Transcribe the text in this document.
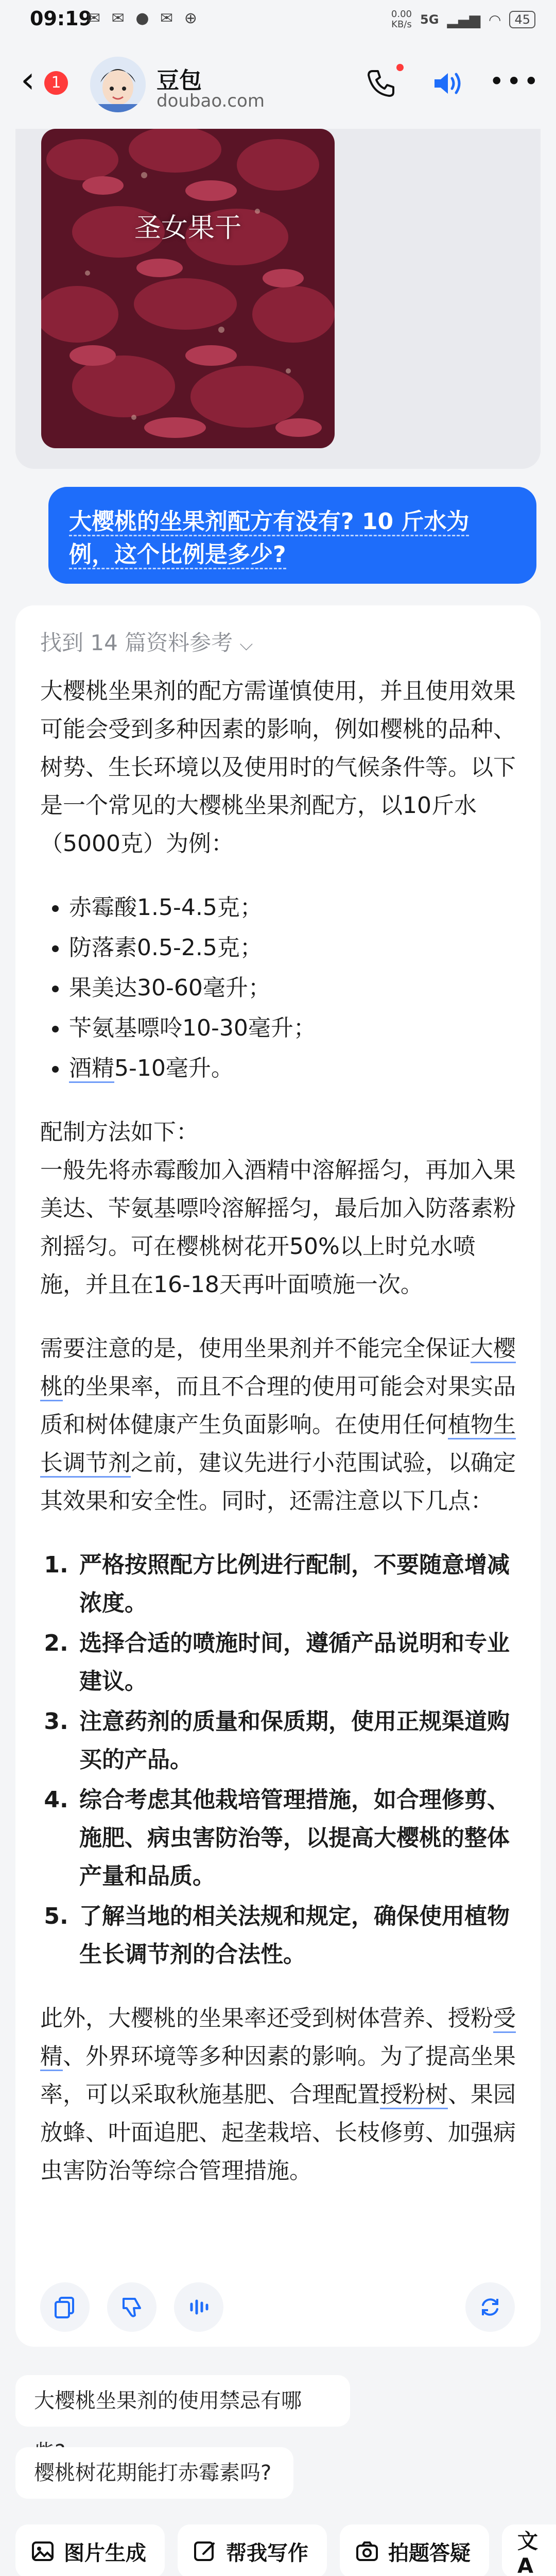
09:19
✉ ✉ ● ✉ ⊕	0.00
KB/s 5G ▂▄▆ ◠	45
‹	1	豆包
doubao.com
•••
圣女果干
大樱桃的坐果剂配方有没有? 10 斤水为
例，这个比例是多少?
找到 14 篇资料参考 ⌵

大樱桃坐果剂的配方需谨慎使用，并且使用效果可能会受到多种因素的影响，例如樱桃的品种、树势、生长环境以及使用时的气候条件等。以下是一个常见的大樱桃坐果剂配方，以10斤水（5000克）为例：

• 赤霉酸1.5-4.5克；
• 防落素0.5-2.5克；
• 果美达30-60毫升；
• 苄氨基嘌呤10-30毫升；
• 酒精5-10毫升。

配制方法如下：
一般先将赤霉酸加入酒精中溶解摇匀，再加入果美达、苄氨基嘌呤溶解摇匀，最后加入防落素粉剂摇匀。可在樱桃树花开50%以上时兑水喷施，并且在16-18天再叶面喷施一次。

需要注意的是，使用坐果剂并不能完全保证大樱桃的坐果率，而且不合理的使用可能会对果实品质和树体健康产生负面影响。在使用任何植物生长调节剂之前，建议先进行小范围试验，以确定其效果和安全性。同时，还需注意以下几点：

1. 严格按照配方比例进行配制，不要随意增减浓度。
2. 选择合适的喷施时间，遵循产品说明和专业建议。
3. 注意药剂的质量和保质期，使用正规渠道购买的产品。
4. 综合考虑其他栽培管理措施，如合理修剪、施肥、病虫害防治等，以提高大樱桃的整体产量和品质。
5. 了解当地的相关法规和规定，确保使用植物生长调节剂的合法性。

此外，大樱桃的坐果率还受到树体营养、授粉受精、外界环境等多种因素的影响。为了提高坐果率，可以采取秋施基肥、合理配置授粉树、果园放蜂、叶面追肥、起垄栽培、长枝修剪、加强病虫害防治等综合管理措施。

大樱桃坐果剂的使用禁忌有哪
樱桃树花期能打赤霉素吗?
图片生成	帮我写作	拍题答疑 文A
